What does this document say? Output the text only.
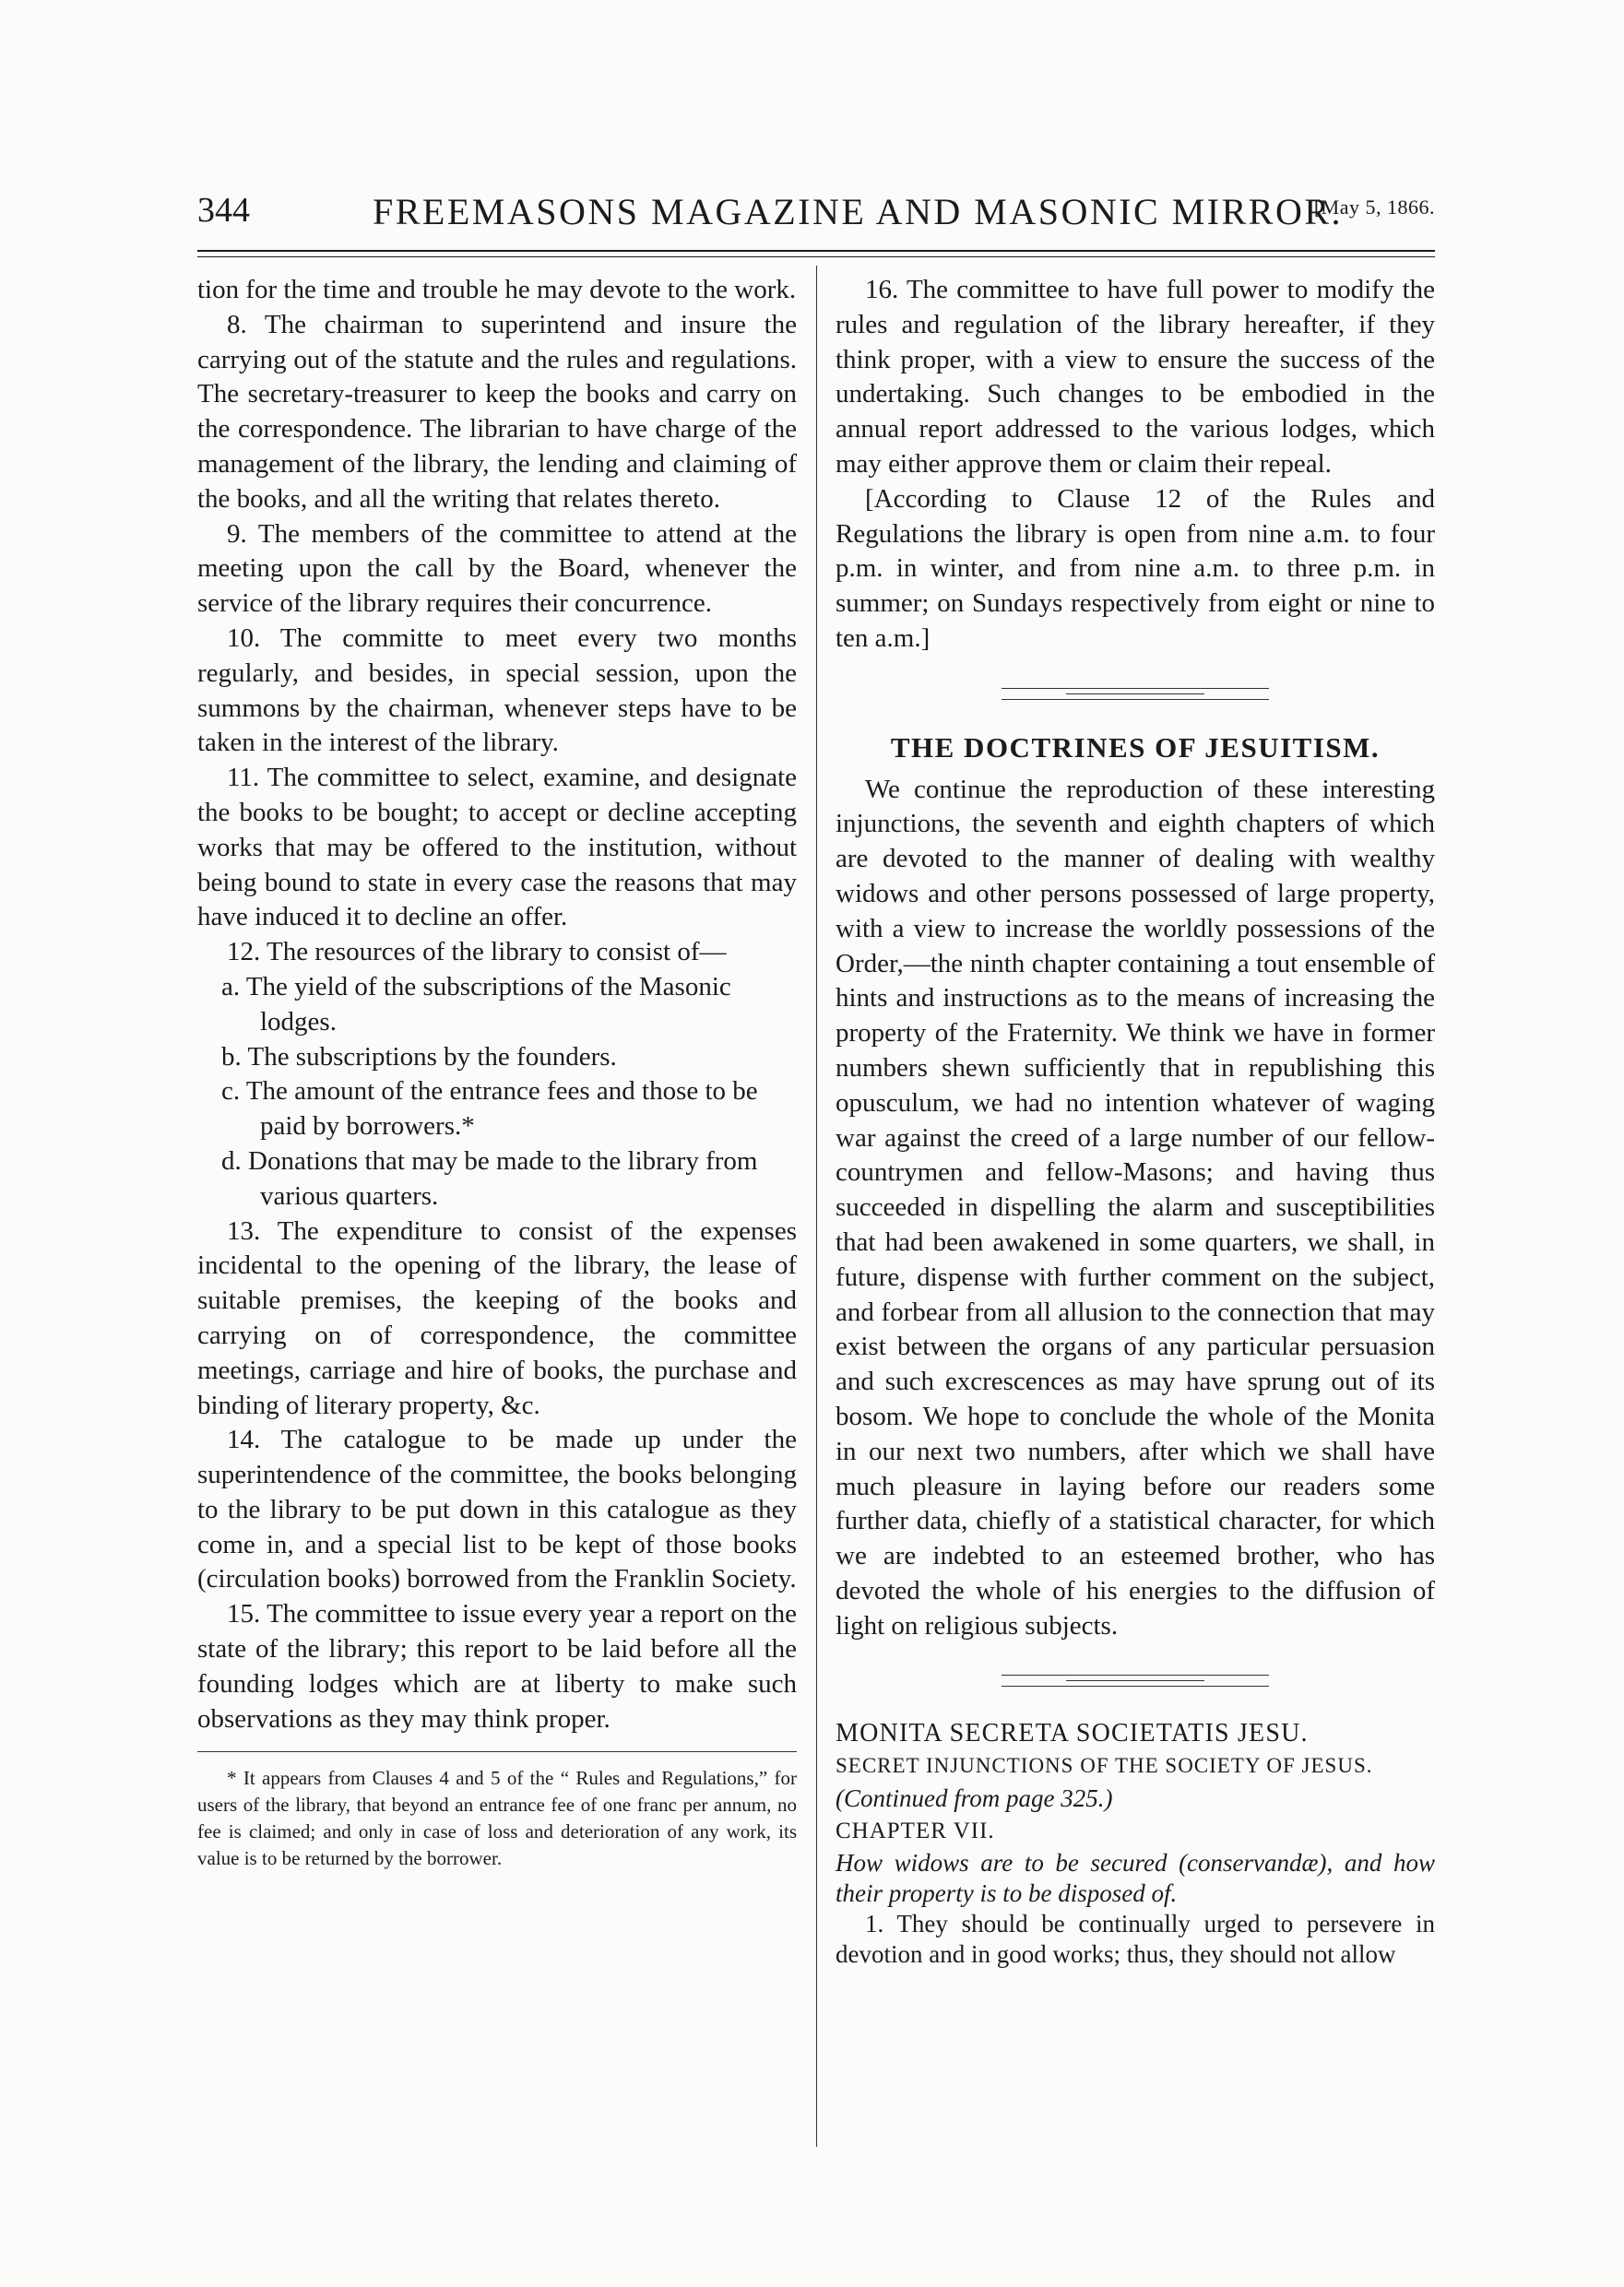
344	FREEMASONS MAGAZINE AND MASONIC MIRROR.
[May 5, 1866.

tion for the time and trouble he may devote to the work.

8. The chairman to superintend and insure the carrying out of the statute and the rules and regulations. The secretary-treasurer to keep the books and carry on the correspondence. The librarian to have charge of the management of the library, the lending and claiming of the books, and all the writing that relates thereto.

9. The members of the committee to attend at the meeting upon the call by the Board, whenever the service of the library requires their concurrence.

10. The committe to meet every two months regularly, and besides, in special session, upon the summons by the chairman, whenever steps have to be taken in the interest of the library.

11. The committee to select, examine, and designate the books to be bought; to accept or decline accepting works that may be offered to the institution, without being bound to state in every case the reasons that may have induced it to decline an offer.

12. The resources of the library to consist of—

a. The yield of the subscriptions of the Masonic lodges.

b. The subscriptions by the founders.

c. The amount of the entrance fees and those to be paid by borrowers.*

d. Donations that may be made to the library from various quarters.

13. The expenditure to consist of the expenses incidental to the opening of the library, the lease of suitable premises, the keeping of the books and carrying on of correspondence, the committee meetings, carriage and hire of books, the purchase and binding of literary property, &c.

14. The catalogue to be made up under the superintendence of the committee, the books belonging to the library to be put down in this catalogue as they come in, and a special list to be kept of those books (circulation books) borrowed from the Franklin Society.

15. The committee to issue every year a report on the state of the library; this report to be laid before all the founding lodges which are at liberty to make such observations as they may think proper.

* It appears from Clauses 4 and 5 of the “ Rules and Regulations,” for users of the library, that beyond an entrance fee of one franc per annum, no fee is claimed; and only in case of loss and deterioration of any work, its value is to be returned by the borrower.

16. The committee to have full power to modify the rules and regulation of the library hereafter, if they think proper, with a view to ensure the success of the undertaking. Such changes to be embodied in the annual report addressed to the various lodges, which may either approve them or claim their repeal.

[According to Clause 12 of the Rules and Regulations the library is open from nine a.m. to four p.m. in winter, and from nine a.m. to three p.m. in summer; on Sundays respectively from eight or nine to ten a.m.]

THE DOCTRINES OF JESUITISM.

We continue the reproduction of these interesting injunctions, the seventh and eighth chapters of which are devoted to the manner of dealing with wealthy widows and other persons possessed of large property, with a view to increase the worldly possessions of the Order,—the ninth chapter containing a tout ensemble of hints and instructions as to the means of increasing the property of the Fraternity. We think we have in former numbers shewn sufficiently that in republishing this opusculum, we had no intention whatever of waging war against the creed of a large number of our fellow-countrymen and fellow-Masons; and having thus succeeded in dispelling the alarm and susceptibilities that had been awakened in some quarters, we shall, in future, dispense with further comment on the subject, and forbear from all allusion to the connection that may exist between the organs of any particular persuasion and such excrescences as may have sprung out of its bosom. We hope to conclude the whole of the Monita in our next two numbers, after which we shall have much pleasure in laying before our readers some further data, chiefly of a statistical character, for which we are indebted to an esteemed brother, who has devoted the whole of his energies to the diffusion of light on religious subjects.

MONITA SECRETA SOCIETATIS JESU.

SECRET INJUNCTIONS OF THE SOCIETY OF JESUS.

(Continued from page 325.)

CHAPTER VII.

How widows are to be secured (conservandæ), and how their property is to be disposed of.

1. They should be continually urged to persevere in devotion and in good works; thus, they should not allow
